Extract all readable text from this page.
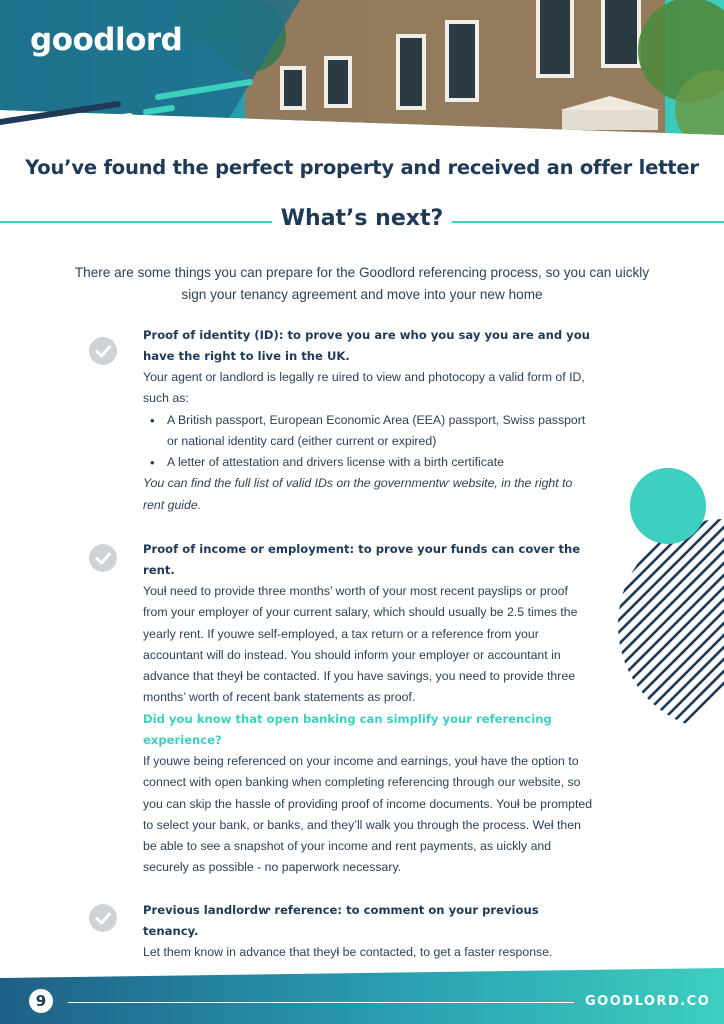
goodlord
You’ve found the perfect property and received an offer letter
What’s next?
There are some things you can prepare for the Goodlord referencing process, so you can uickly sign your tenancy agreement and move into your new home
Proof of identity (ID): to prove you are who you say you are and you have the right to live in the UK.
Your agent or landlord is legally re uired to view and photocopy a valid form of ID, such as:
• A British passport, European Economic Area (EEA) passport, Swiss passport or national identity card (either current or expired)
• A letter of attestation and drivers license with a birth certificate
You can find the full list of valid IDs on the governmentⱳ website, in the right to rent guide.
Proof of income or employment: to prove your funds can cover the rent.
Youⱡ need to provide three months’ worth of your most recent payslips or proof from your employer of your current salary, which should usually be 2.5 times the yearly rent. If youⱳe self-employed, a tax return or a reference from your accountant will do instead. You should inform your employer or accountant in advance that theyⱡ be contacted. If you have savings, you need to provide three months’ worth of recent bank statements as proof.
Did you know that open banking can simplify your referencing experience?
If youⱳe being referenced on your income and earnings, youⱡ have the option to connect with open banking when completing referencing through our website, so you can skip the hassle of providing proof of income documents. Youⱡ be prompted to select your bank, or banks, and they’ll walk you through the process. Weⱡ then be able to see a snapshot of your income and rent payments, as uickly and securely as possible - no paperwork necessary.
Previous landlordⱳ reference: to comment on your previous tenancy.
Let them know in advance that theyⱡ be contacted, to get a faster response.
9	GOODLORD.CO
